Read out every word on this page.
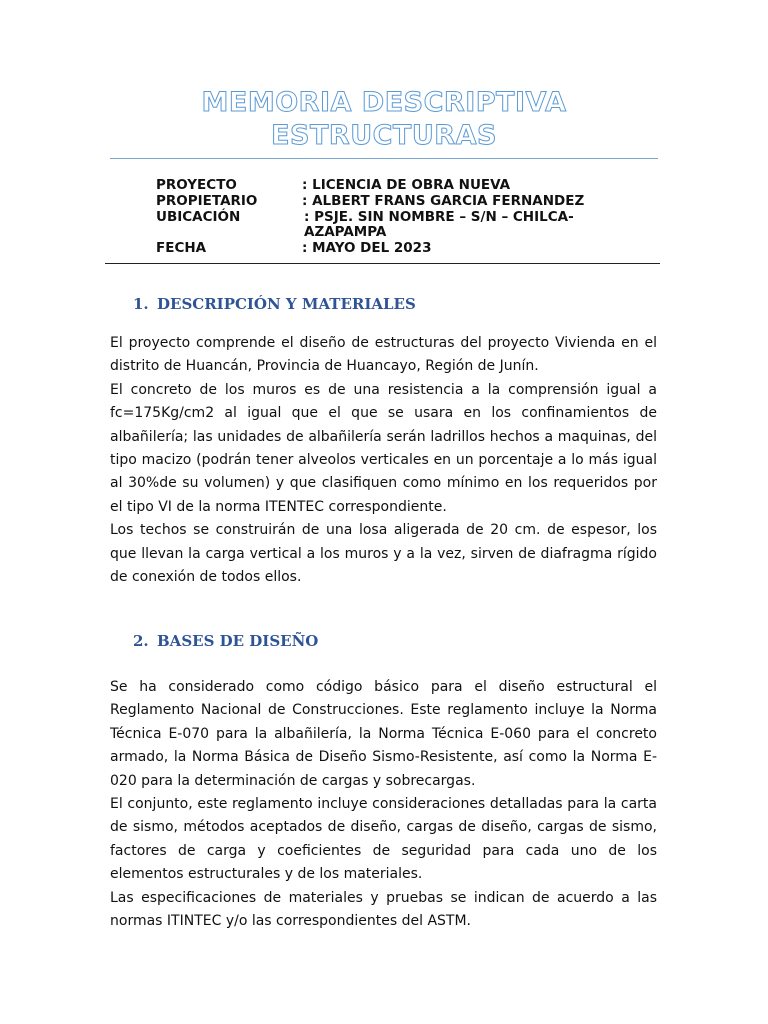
MEMORIA DESCRIPTIVA
ESTRUCTURAS
PROYECTO	: LICENCIA DE OBRA NUEVA
PROPIETARIO	: ALBERT FRANS GARCIA FERNANDEZ
UBICACIÓN	: PSJE. SIN NOMBRE – S/N – CHILCA-
AZAPAMPA
FECHA	: MAYO DEL 2023
1. DESCRIPCIÓN Y MATERIALES

El proyecto comprende el diseño de estructuras del proyecto Vivienda en el distrito de Huancán, Provincia de Huancayo, Región de Junín.

El concreto de los muros es de una resistencia a la comprensión igual a fc=175Kg/cm2 al igual que el que se usara en los confinamientos de albañilería; las unidades de albañilería serán ladrillos hechos a maquinas, del tipo macizo (podrán tener alveolos verticales en un porcentaje a lo más igual al 30%de su volumen) y que clasifiquen como mínimo en los requeridos por el tipo VI de la norma ITENTEC correspondiente.

Los techos se construirán de una losa aligerada de 20 cm. de espesor, los que llevan la carga vertical a los muros y a la vez, sirven de diafragma rígido de conexión de todos ellos.

2. BASES DE DISEÑO

Se ha considerado como código básico para el diseño estructural el Reglamento Nacional de Construcciones. Este reglamento incluye la Norma Técnica E-070 para la albañilería, la Norma Técnica E-060 para el concreto armado, la Norma Básica de Diseño Sismo-Resistente, así como la Norma E-020 para la determinación de cargas y sobrecargas.

El conjunto, este reglamento incluye consideraciones detalladas para la carta de sismo, métodos aceptados de diseño, cargas de diseño, cargas de sismo, factores de carga y coeficientes de seguridad para cada uno de los elementos estructurales y de los materiales.

Las especificaciones de materiales y pruebas se indican de acuerdo a las normas ITINTEC y/o las correspondientes del ASTM.
